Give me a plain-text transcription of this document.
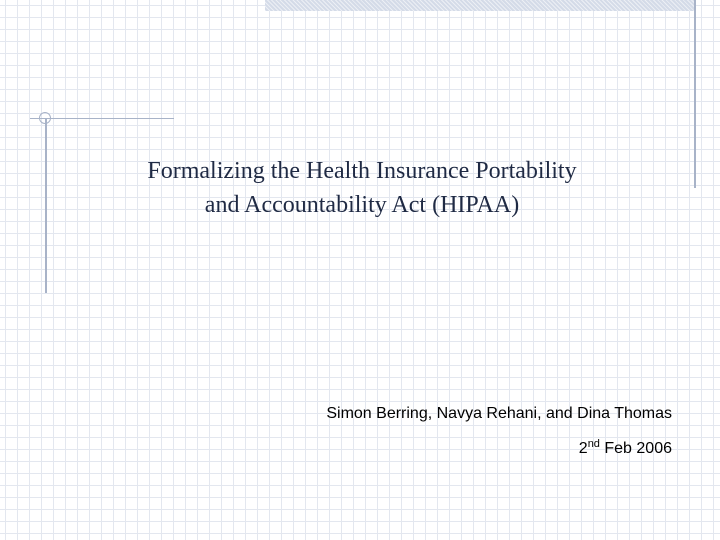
Formalizing the Health Insurance Portability
and Accountability Act (HIPAA)
Simon Berring, Navya Rehani, and Dina Thomas
2nd Feb 2006
